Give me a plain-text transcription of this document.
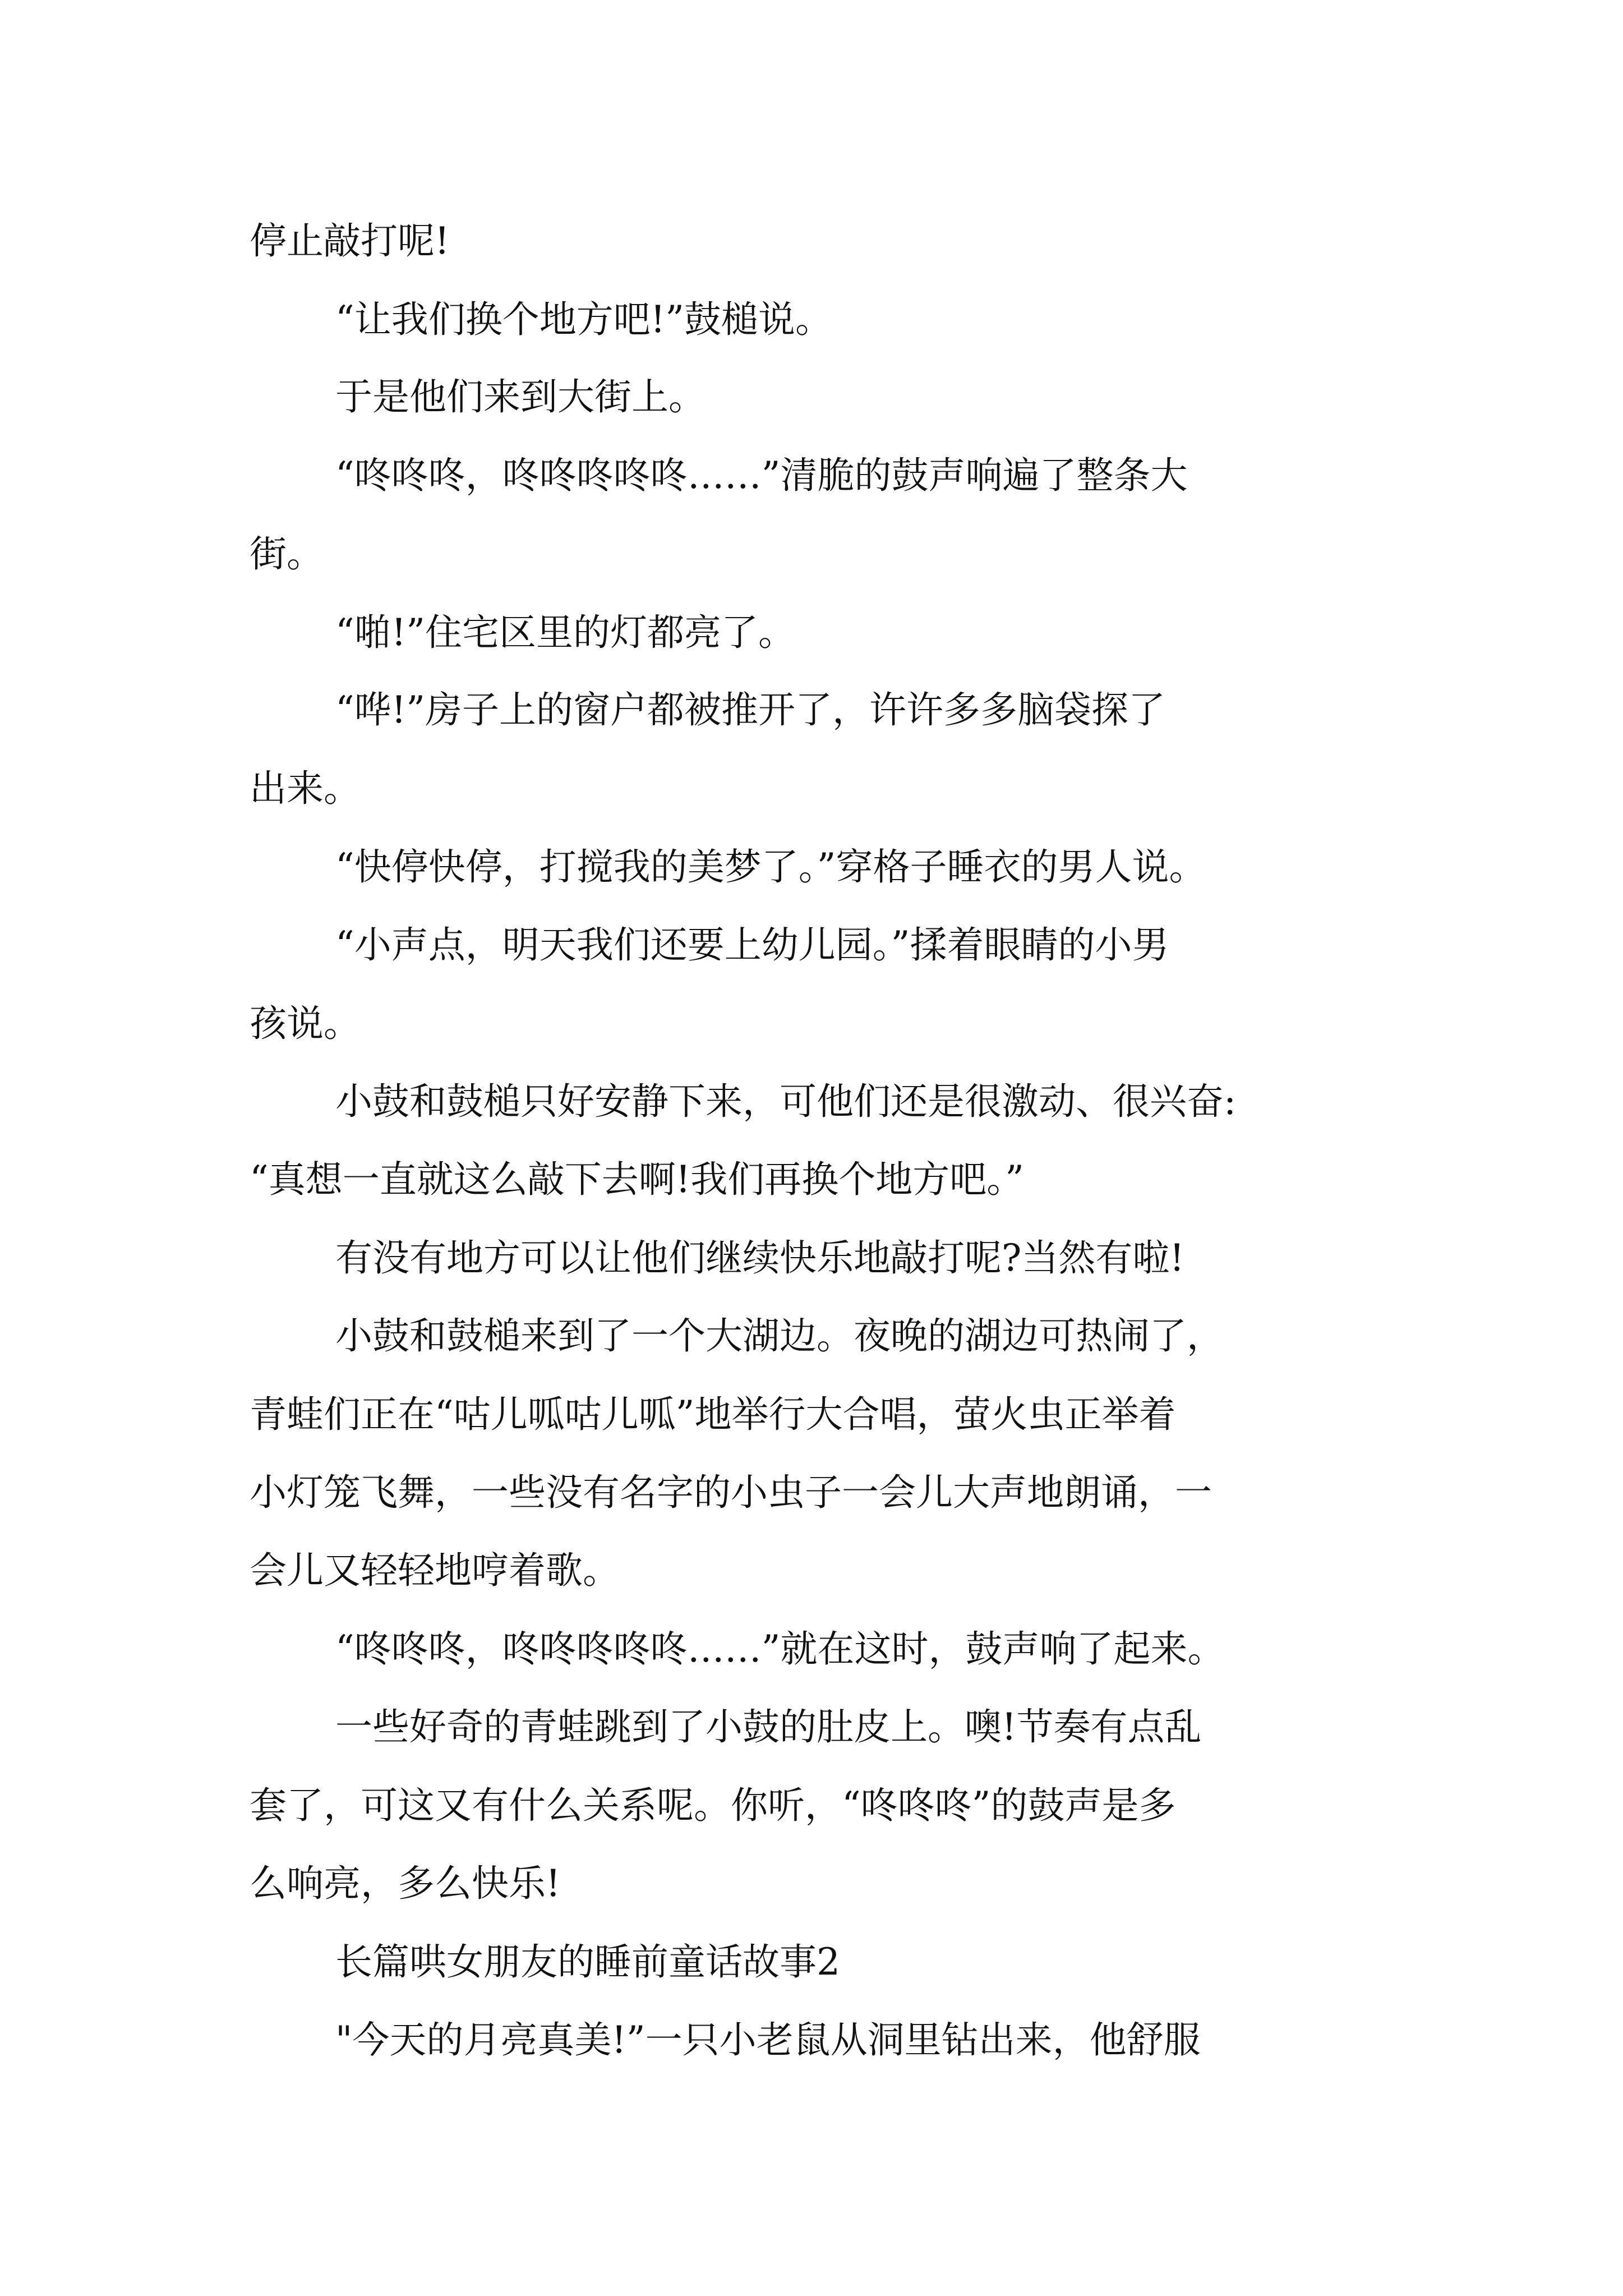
停止敲打呢!
“让我们换个地方吧!”鼓槌说。
于是他们来到大街上。
“咚咚咚，咚咚咚咚咚……”清脆的鼓声响遍了整条大
街。
“啪!”住宅区里的灯都亮了。
“哗!”房子上的窗户都被推开了，许许多多脑袋探了
出来。
“快停快停，打搅我的美梦了。”穿格子睡衣的男人说。
“小声点，明天我们还要上幼儿园。”揉着眼睛的小男
孩说。
小鼓和鼓槌只好安静下来，可他们还是很激动、很兴奋:
“真想一直就这么敲下去啊!我们再换个地方吧。”
有没有地方可以让他们继续快乐地敲打呢?当然有啦!
小鼓和鼓槌来到了一个大湖边。夜晚的湖边可热闹了，
青蛙们正在“咕儿呱咕儿呱”地举行大合唱，萤火虫正举着
小灯笼飞舞，一些没有名字的小虫子一会儿大声地朗诵，一
会儿又轻轻地哼着歌。
“咚咚咚，咚咚咚咚咚……”就在这时，鼓声响了起来。
一些好奇的青蛙跳到了小鼓的肚皮上。噢!节奏有点乱
套了，可这又有什么关系呢。你听，“咚咚咚”的鼓声是多
么响亮，多么快乐!
长篇哄女朋友的睡前童话故事2
"今天的月亮真美!”一只小老鼠从洞里钻出来，他舒服
